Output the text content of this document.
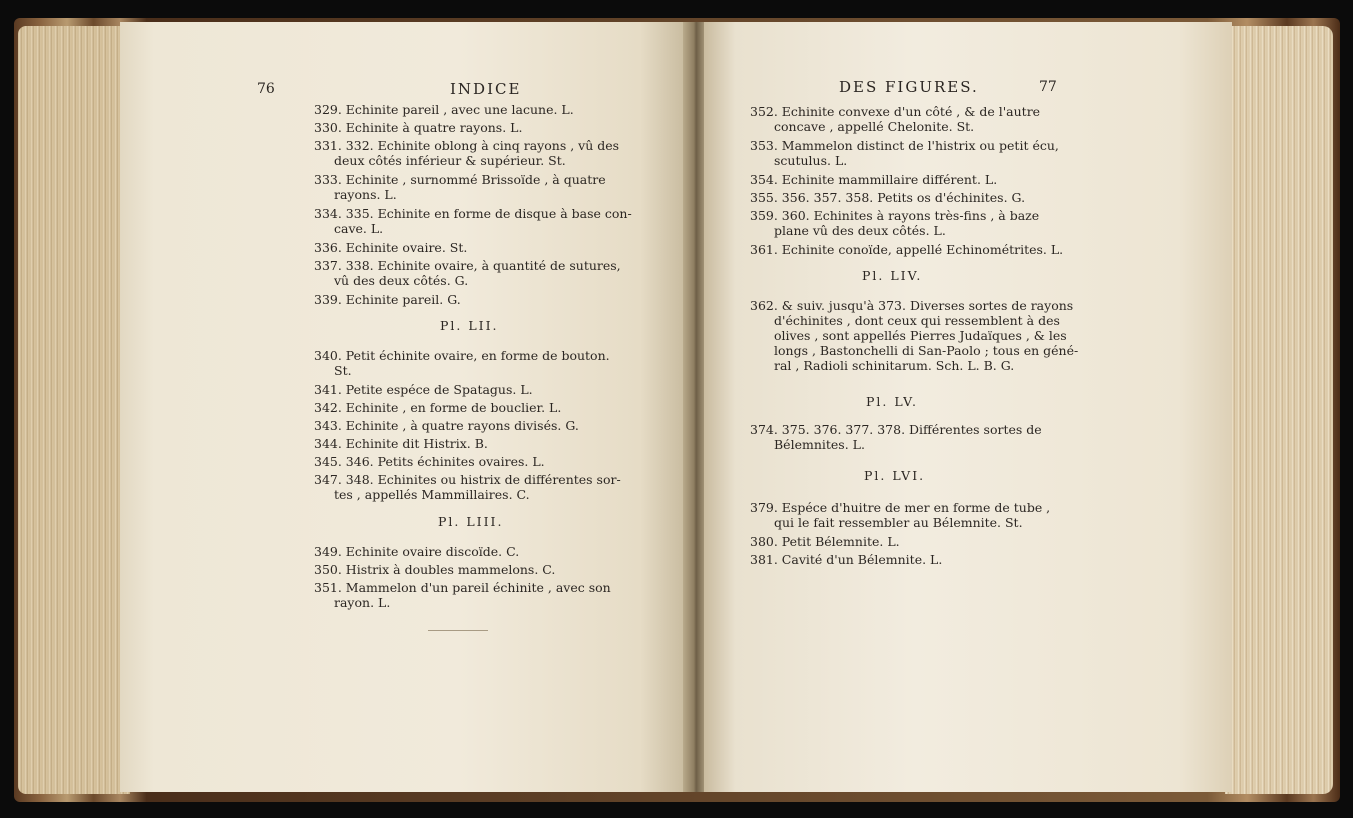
76	INDICE
329. Echinite pareil , avec une lacune. L.
330. Echinite à quatre rayons. L.
331. 332. Echinite oblong à cinq rayons , vû des
deux côtés inférieur & supérieur. St.
333. Echinite , surnommé Brissoïde , à quatre
rayons. L.
334. 335. Echinite en forme de disque à base con-
cave. L.
336. Echinite ovaire. St.
337. 338. Echinite ovaire, à quantité de sutures,
vû des deux côtés. G.
339. Echinite pareil. G.
Pl. LII.
340. Petit échinite ovaire, en forme de bouton.
St.
341. Petite espéce de Spatagus. L.
342. Echinite , en forme de bouclier. L.
343. Echinite , à quatre rayons divisés. G.
344. Echinite dit Histrix. B.
345. 346. Petits échinites ovaires. L.
347. 348. Echinites ou histrix de différentes sor-
tes , appellés Mammillaires. C.
Pl. LIII.
349. Echinite ovaire discoïde. C.
350. Histrix à doubles mammelons. C.
351. Mammelon d'un pareil échinite , avec son
rayon. L.
DES FIGURES.	77
352. Echinite convexe d'un côté , & de l'autre
concave , appellé Chelonite. St.
353. Mammelon distinct de l'histrix ou petit écu,
scutulus. L.
354. Echinite mammillaire différent. L.
355. 356. 357. 358. Petits os d'échinites. G.
359. 360. Echinites à rayons très-fins , à baze
plane vû des deux côtés. L.
361. Echinite conoïde, appellé Echinométrites. L.
Pl. LIV.
362. & suiv. jusqu'à 373. Diverses sortes de rayons
d'échinites , dont ceux qui ressemblent à des
olives , sont appellés Pierres Judaïques , & les
longs , Bastonchelli di San-Paolo ; tous en géné-
ral , Radioli schinitarum. Sch. L. B. G.
Pl. LV.
374. 375. 376. 377. 378. Différentes sortes de
Bélemnites. L.
Pl. LVI.
379. Espéce d'huitre de mer en forme de tube ,
qui le fait ressembler au Bélemnite. St.
380. Petit Bélemnite. L.
381. Cavité d'un Bélemnite. L.
